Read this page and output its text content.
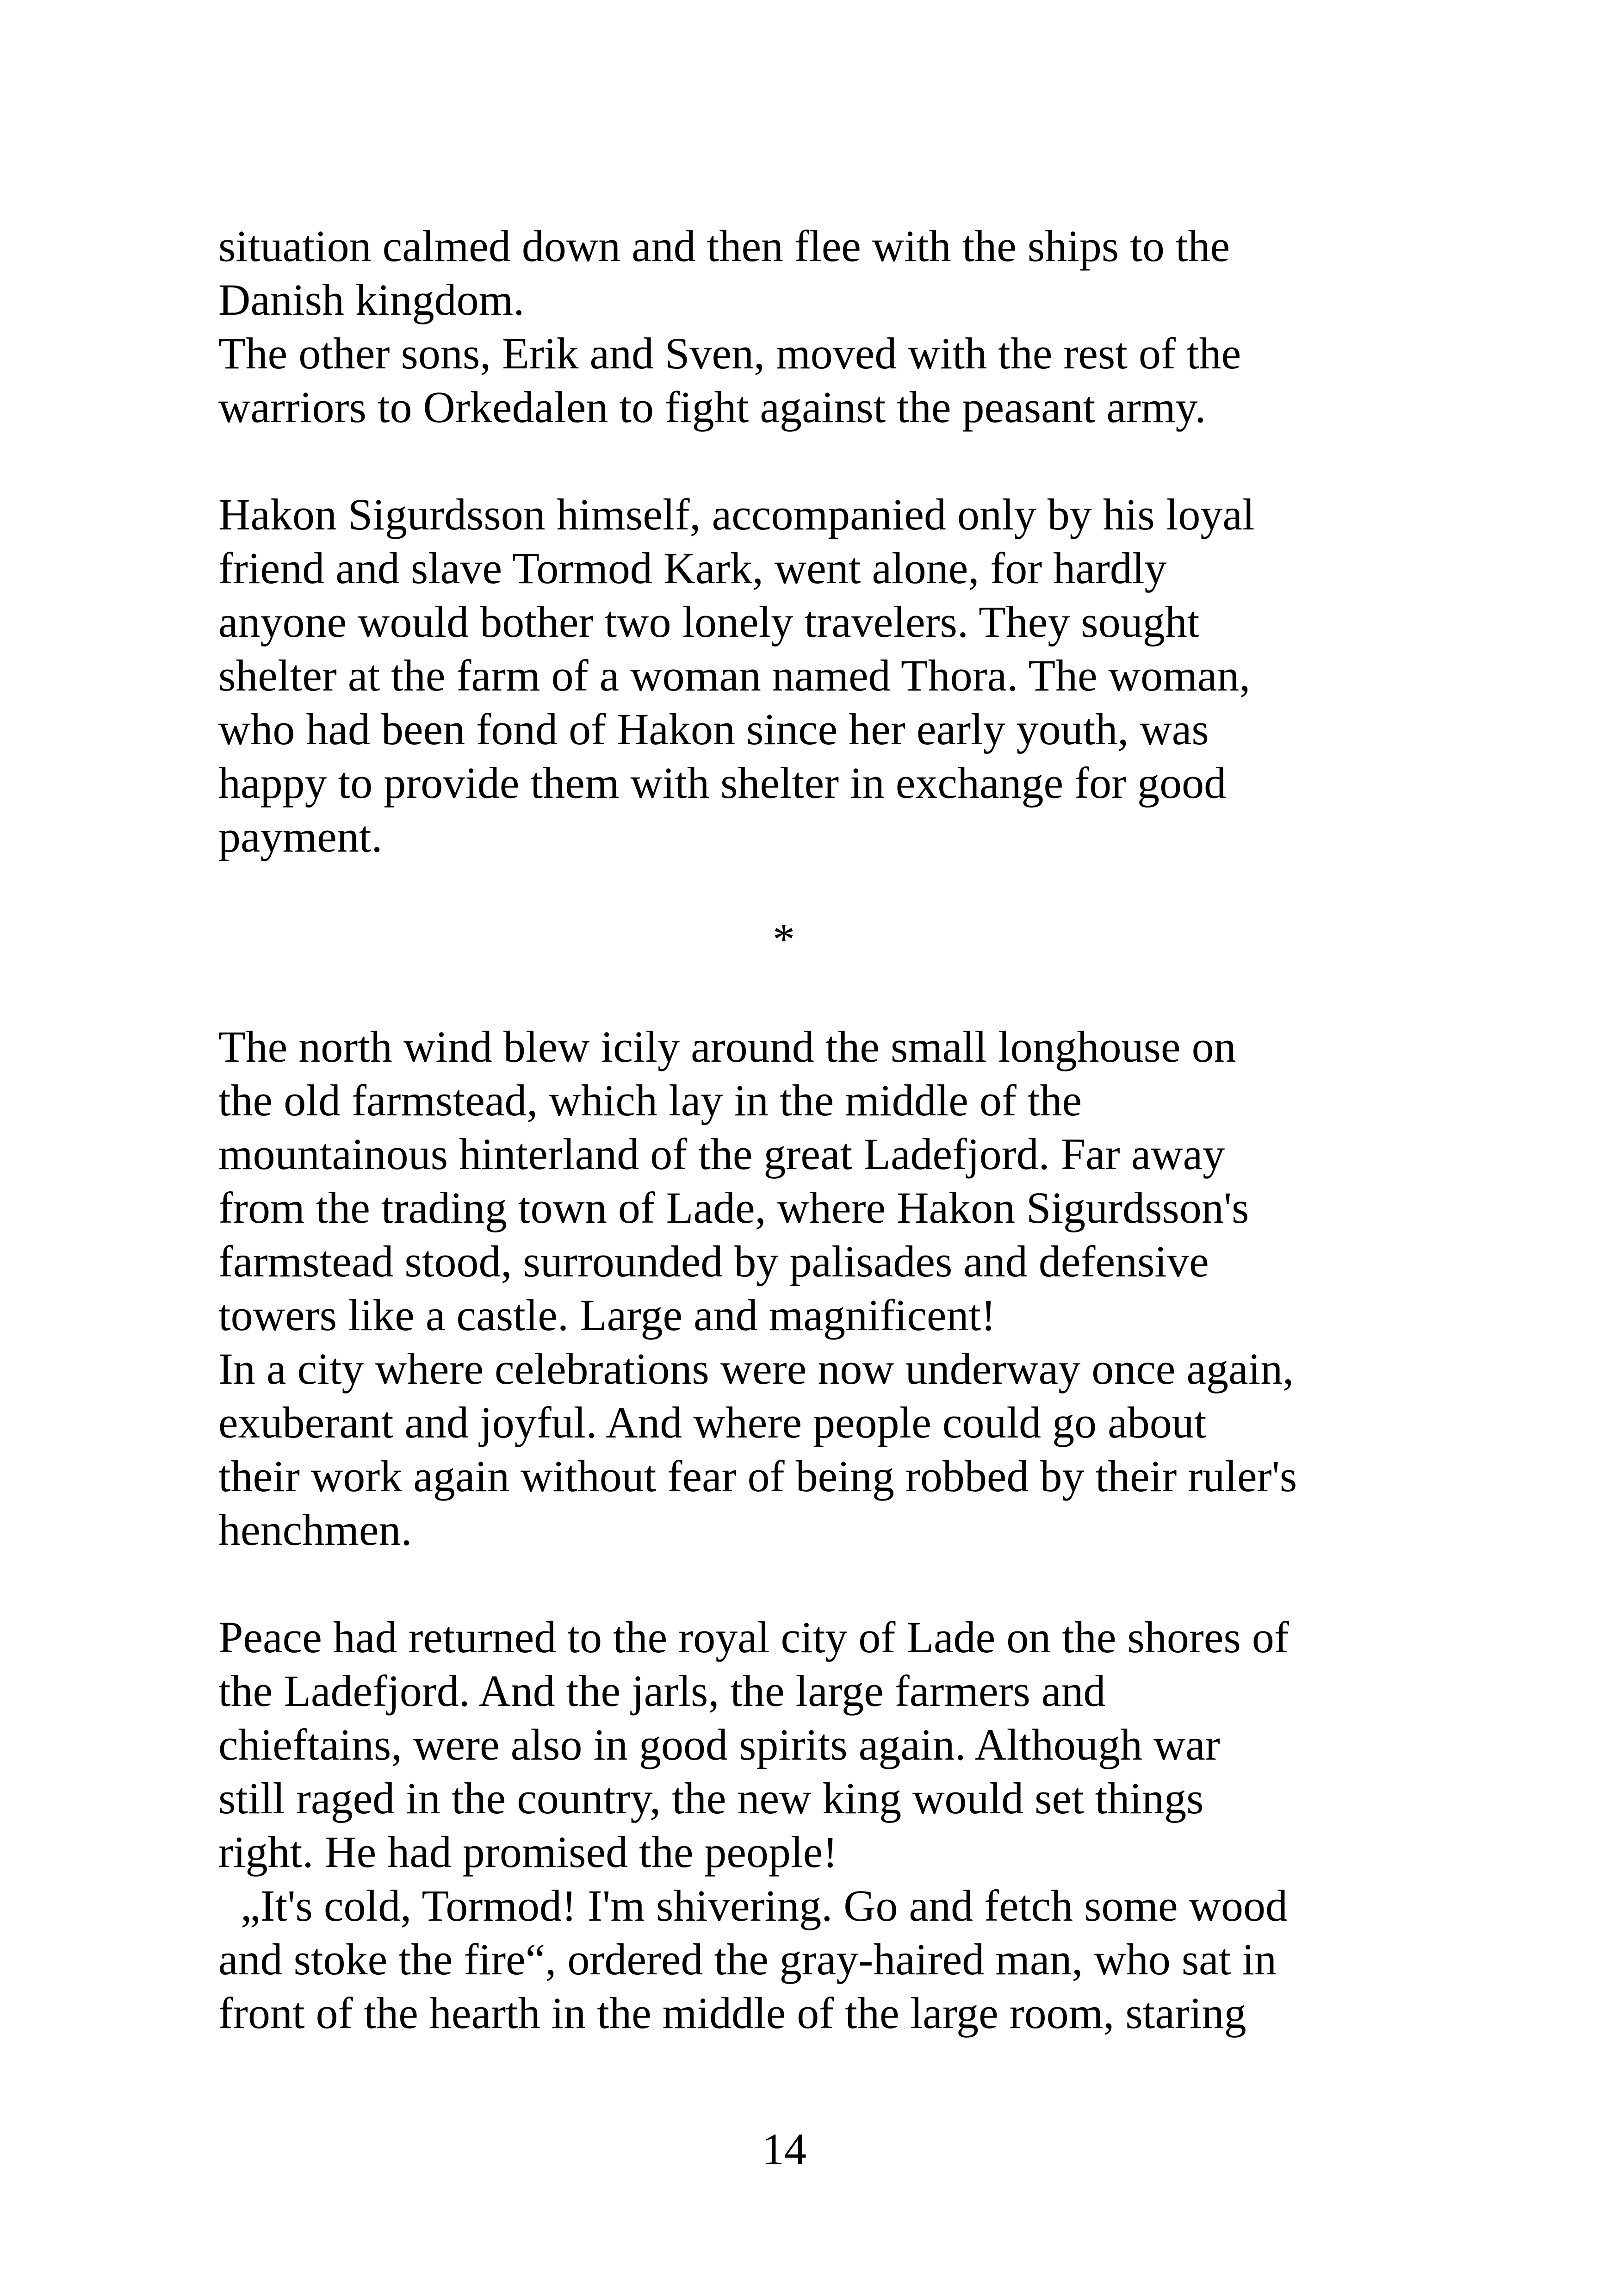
situation calmed down and then flee with the ships to the
Danish kingdom.
The other sons, Erik and Sven, moved with the rest of the
warriors to Orkedalen to fight against the peasant army.
Hakon Sigurdsson himself, accompanied only by his loyal
friend and slave Tormod Kark, went alone, for hardly
anyone would bother two lonely travelers. They sought
shelter at the farm of a woman named Thora. The woman,
who had been fond of Hakon since her early youth, was
happy to provide them with shelter in exchange for good
payment.
*
The north wind blew icily around the small longhouse on
the old farmstead, which lay in the middle of the
mountainous hinterland of the great Ladefjord. Far away
from the trading town of Lade, where Hakon Sigurdsson's
farmstead stood, surrounded by palisades and defensive
towers like a castle. Large and magnificent!
In a city where celebrations were now underway once again,
exuberant and joyful. And where people could go about
their work again without fear of being robbed by their ruler's
henchmen.
Peace had returned to the royal city of Lade on the shores of
the Ladefjord. And the jarls, the large farmers and
chieftains, were also in good spirits again. Although war
still raged in the country, the new king would set things
right. He had promised the people!
„It's cold, Tormod! I'm shivering. Go and fetch some wood
and stoke the fire“, ordered the gray-haired man, who sat in
front of the hearth in the middle of the large room, staring
14
